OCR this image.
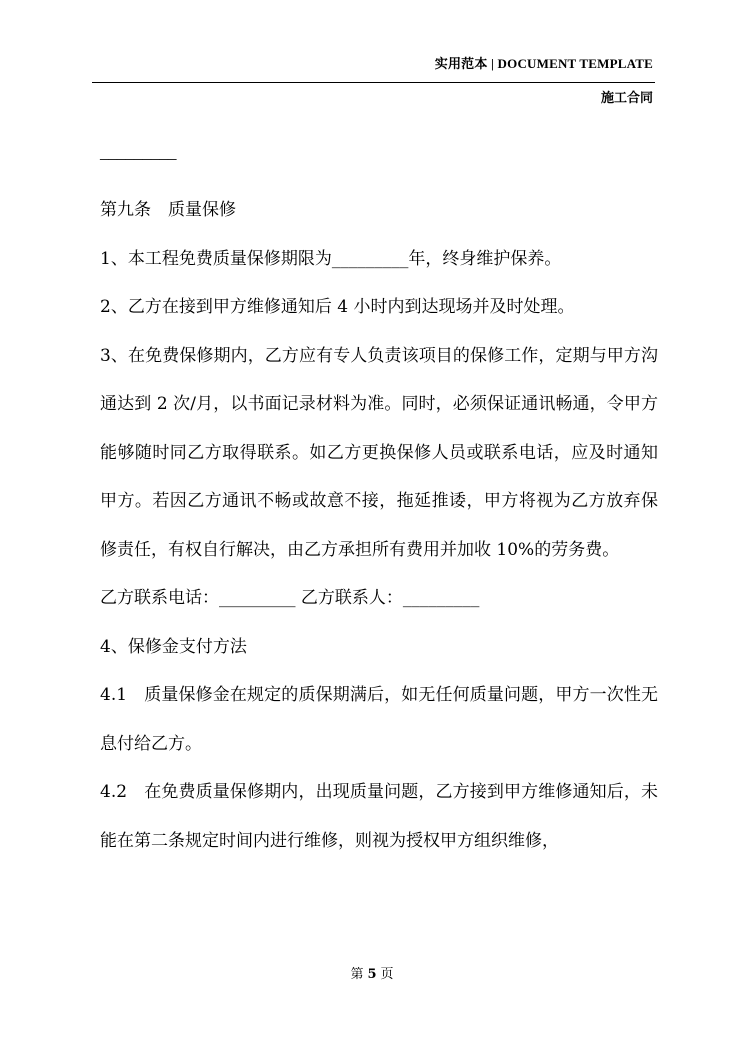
实用范本 | DOCUMENT TEMPLATE
施工合同
_________

第九条　质量保修

1、本工程免费质量保修期限为_________年，终身维护保养。

2、乙方在接到甲方维修通知后 4 小时内到达现场并及时处理。

3、在免费保修期内，乙方应有专人负责该项目的保修工作，定期与甲方沟通达到 2 次/月，以书面记录材料为准。同时，必须保证通讯畅通，令甲方能够随时同乙方取得联系。如乙方更换保修人员或联系电话，应及时通知甲方。若因乙方通讯不畅或故意不接，拖延推诿，甲方将视为乙方放弃保修责任，有权自行解决，由乙方承担所有费用并加收 10%的劳务费。

乙方联系电话：_________ 乙方联系人：_________

4、保修金支付方法

4.1　质量保修金在规定的质保期满后，如无任何质量问题，甲方一次性无息付给乙方。

4.2　在免费质量保修期内，出现质量问题，乙方接到甲方维修通知后，未能在第二条规定时间内进行维修，则视为授权甲方组织维修，

第 5 页
